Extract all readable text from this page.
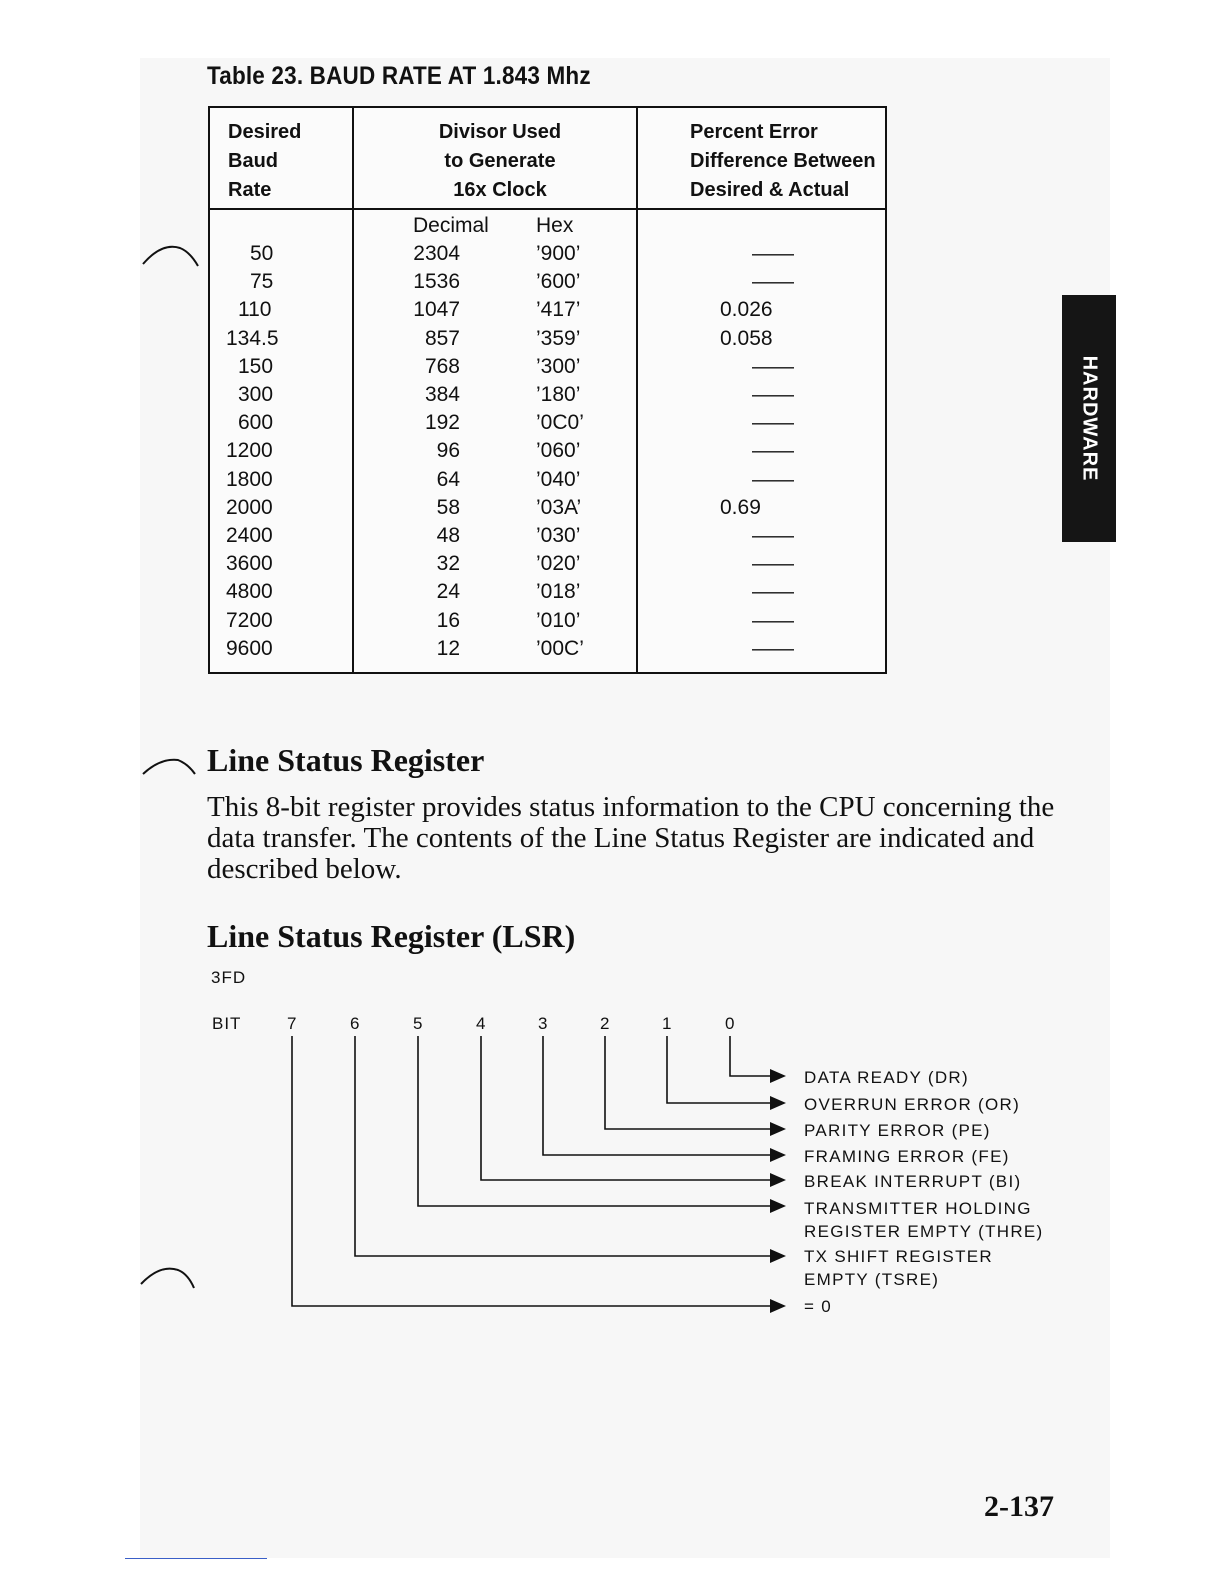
Table 23. BAUD RATE AT 1.843 Mhz
Desired
Baud
Rate
Divisor Used
to Generate
16x Clock
Percent Error
Difference Between
Desired & Actual
Decimal Hex
50	2304	’900’	——
75	1536	’600’	——
110	1047	’417’	0.026
134.5	857	’359’	0.058
150	768	’300’	——
300	384	’180’	——
600	192	’0C0’	——
1200	96	’060’	——
1800	64	’040’	——
2000	58	’03A’	0.69
2400	48	’030’	——
3600	32	’020’	——
4800	24	’018’	——
7200	16	’010’	——
9600	12	’00C’	——
HARDWARE
Line Status Register
This 8-bit register provides status information to the CPU concerning the data transfer. The contents of the Line Status Register are indicated and described below.
Line Status Register (LSR)
3FD
BIT	7	6	5	4	3	2	1	0
DATA READY (DR)
OVERRUN ERROR (OR)
PARITY ERROR (PE)
FRAMING ERROR (FE)
BREAK INTERRUPT (BI)
TRANSMITTER HOLDING
REGISTER EMPTY (THRE)
TX SHIFT REGISTER
EMPTY (TSRE)
= 0
2-137
